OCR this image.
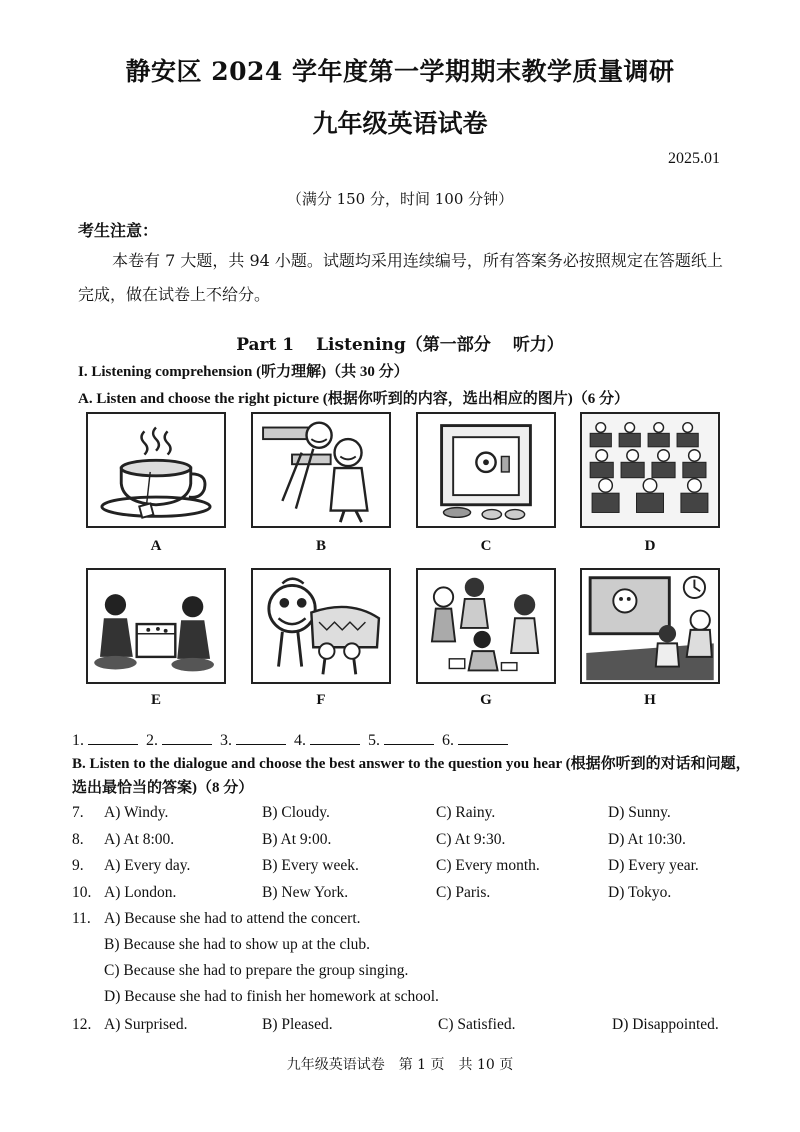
静安区 2024 学年度第一学期期末教学质量调研
九年级英语试卷
2025.01
（满分 150 分，时间 100 分钟）
考生注意：
本卷有 7 大题，共 94 小题。试题均采用连续编号，所有答案务必按照规定在答题纸上完成，做在试卷上不给分。
Part 1 Listening（第一部分 听力）
I. Listening comprehension (听力理解)（共 30 分）
A. Listen and choose the right picture (根据你听到的内容，选出相应的图片)（6 分）
A	B	C	D
E	F	G	H
1.	2.	3.	4.	5.	6.
B. Listen to the dialogue and choose the best answer to the question you hear (根据你听到的对话和问题，选出最恰当的答案)（8 分）
7. A) Windy.	B) Cloudy.	C) Rainy.	D) Sunny.
8. A) At 8:00.	B) At 9:00.	C) At 9:30.	D) At 10:30.
9. A) Every day.	B) Every week.	C) Every month.	D) Every year.
10. A) London.	B) New York.	C) Paris.	D) Tokyo.
11. A) Because she had to attend the concert.
B) Because she had to show up at the club.
C) Because she had to prepare the group singing.
D) Because she had to finish her homework at school.
12. A) Surprised.	B) Pleased.	C) Satisfied.	D) Disappointed.
九年级英语试卷　第 1 页　共 10 页
